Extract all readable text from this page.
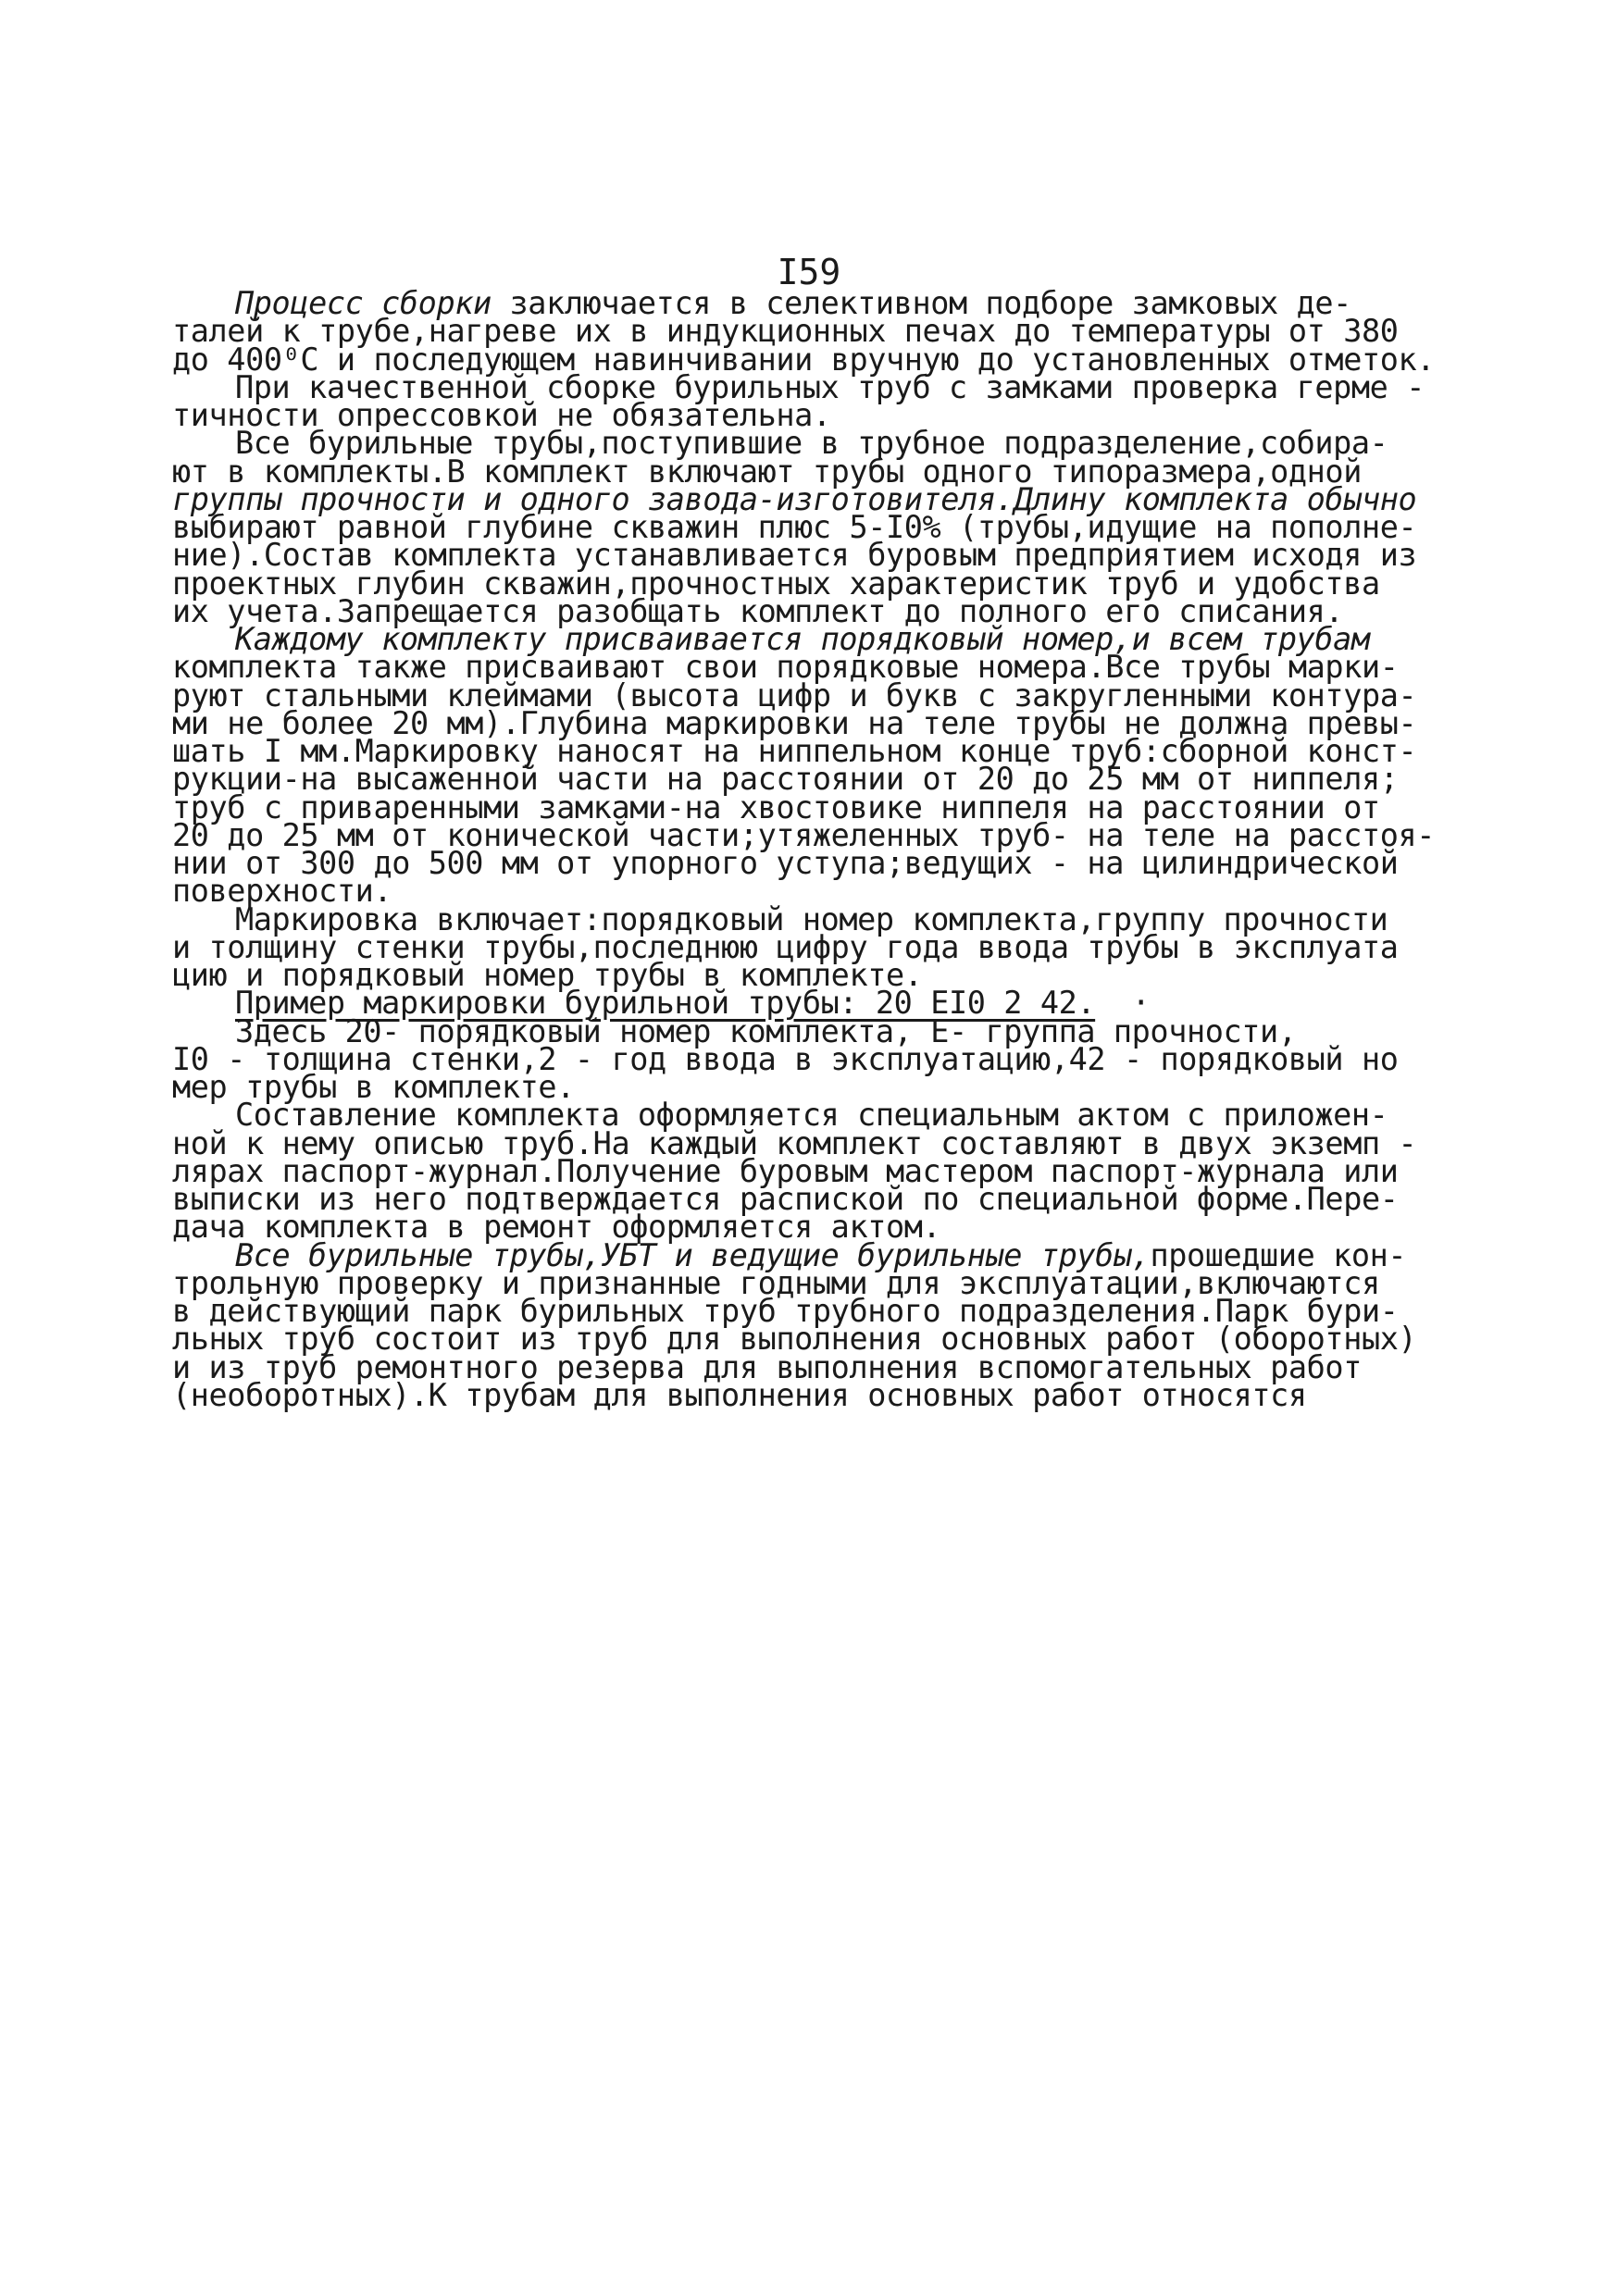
I59
Процесс сборки заключается в селективном подборе замковых де-
талей к трубе,нагреве их в индукционных печах до температуры от 380
до 400⁰С и последующем навинчивании вручную до установленных отметок.
При качественной сборке бурильных труб с замками проверка герме -
тичности опрессовкой не обязательна.
Все бурильные трубы,поступившие в трубное подразделение,собира-
ют в комплекты.В комплект включают трубы одного типоразмера,одной
группы прочности и одного завода-изготовителя.Длину комплекта обычно
выбирают равной глубине скважин плюс 5-I0% (трубы,идущие на пополне-
ние).Состав комплекта устанавливается буровым предприятием исходя из
проектных глубин скважин,прочностных характеристик труб и удобства
их учета.Запрещается разобщать комплект до полного его списания.
Каждому комплекту присваивается порядковый номер,и всем трубам
комплекта также присваивают свои порядковые номера.Все трубы марки-
руют стальными клеймами (высота цифр и букв с закругленными контура-
ми не более 20 мм).Глубина маркировки на теле трубы не должна превы-
шать I мм.Маркировку наносят на ниппельном конце труб:сборной конст-
рукции-на высаженной части на расстоянии от 20 до 25 мм от ниппеля;
труб с приваренными замками-на хвостовике ниппеля на расстоянии от
20 до 25 мм от конической части;утяжеленных труб- на теле на расстоя-
нии от 300 до 500 мм от упорного уступа;ведущих - на цилиндрической
поверхности.
Маркировка включает:порядковый номер комплекта,группу прочности
и толщину стенки трубы,последнюю цифру года ввода трубы в эксплуата
цию и порядковый номер трубы в комплекте.
Пример маркировки бурильной трубы: 20 ЕI0 2 42.  ·
Здесь 20- порядковый номер комплекта, Е- группа прочности,
I0 - толщина стенки,2 - год ввода в эксплуатацию,42 - порядковый но
мер трубы в комплекте.
Составление комплекта оформляется специальным актом с приложен-
ной к нему описью труб.На каждый комплект составляют в двух экземп -
лярах паспорт-журнал.Получение буровым мастером паспорт-журнала или
выписки из него подтверждается распиской по специальной форме.Пере-
дача комплекта в ремонт оформляется актом.
Все бурильные трубы,УБТ и ведущие бурильные трубы,прошедшие кон-
трольную проверку и признанные годными для эксплуатации,включаются
в действующий парк бурильных труб трубного подразделения.Парк бури-
льных труб состоит из труб для выполнения основных работ (оборотных)
и из труб ремонтного резерва для выполнения вспомогательных работ
(необоротных).К трубам для выполнения основных работ относятся
